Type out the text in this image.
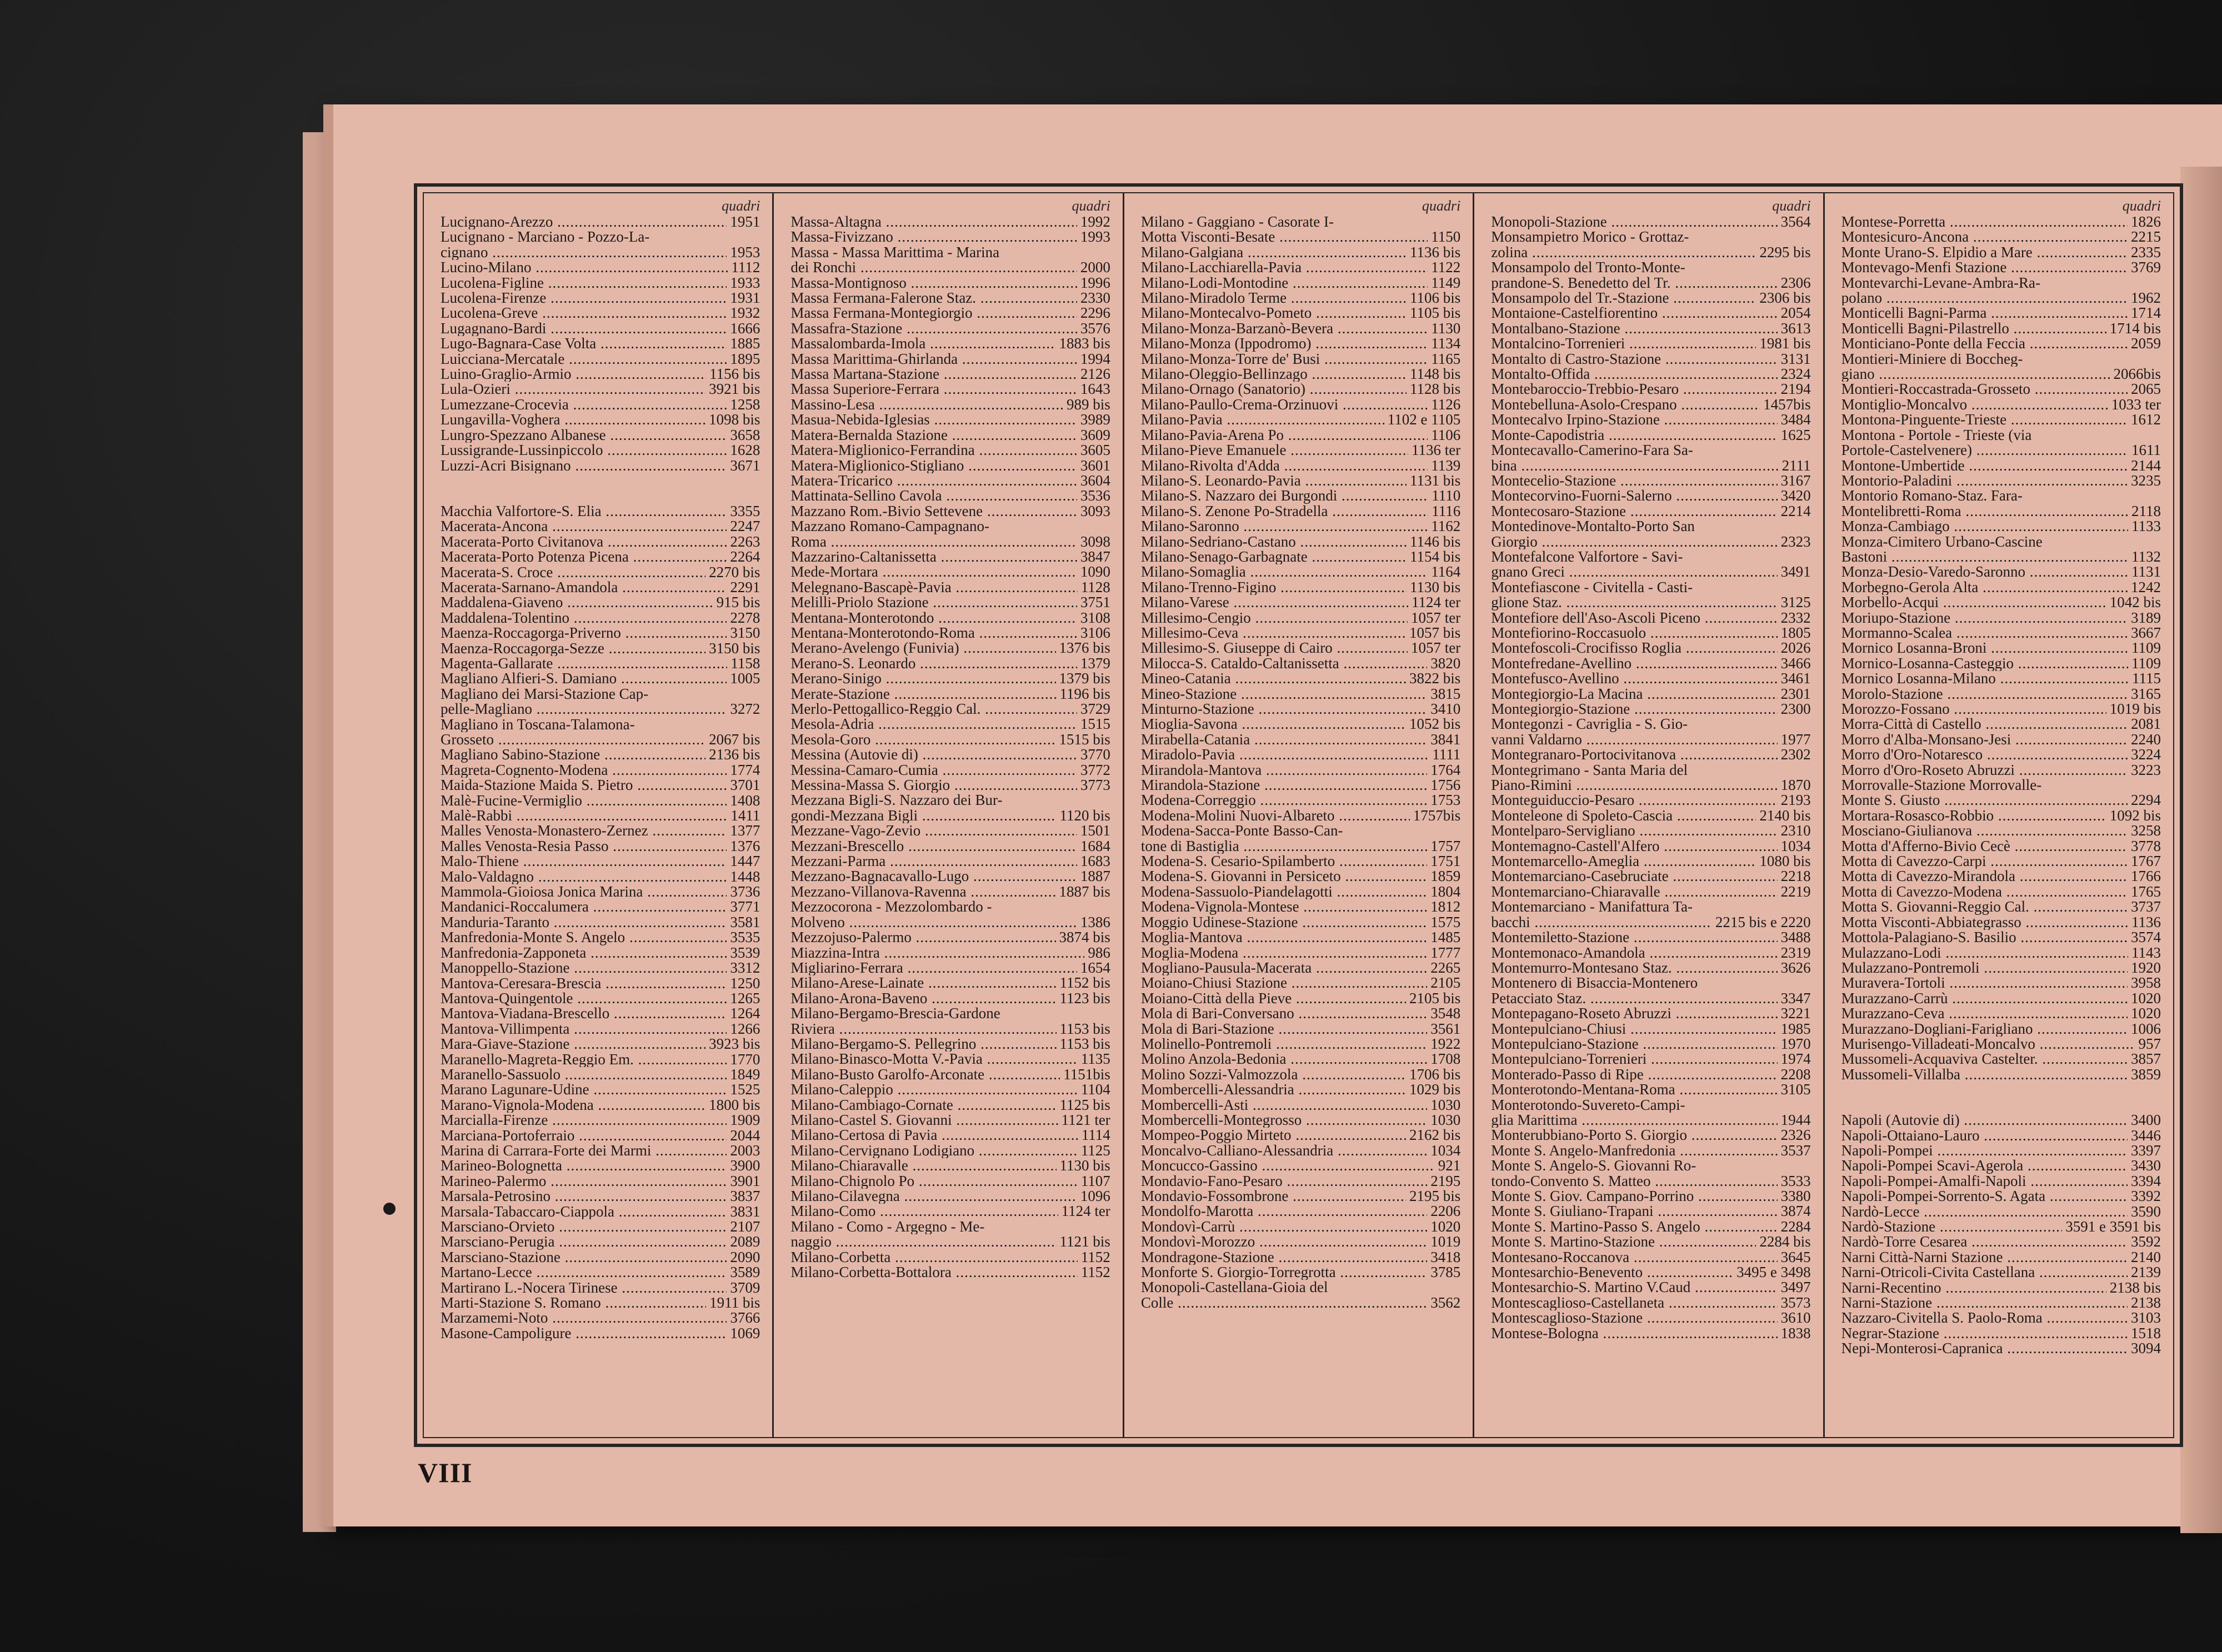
quadri
Lucignano-Arezzo .....	1951
Lucignano - Marciano - Pozzo-La-
cignano .....	1953
Lucino-Milano .....	1112
Lucolena-Figline .....	1933
Lucolena-Firenze .....	1931
Lucolena-Greve .....	1932
Lugagnano-Bardi .....	1666
Lugo-Bagnara-Case Volta .....	1885
Luicciana-Mercatale .....	1895
Luino-Graglio-Armio .....	1156 bis
Lula-Ozieri .....	3921 bis
Lumezzane-Croceviа .....	1258
Lungavilla-Voghera .....	1098 bis
Lungro-Spezzano Albanese .....	3658
Lussigrande-Lussinpiccolo .....	1628
Luzzi-Acri Bisignano .....	3671
Macchia Valfortore-S. Elia .....	3355
Macerata-Ancona .....	2247
Macerata-Porto Civitanova .....	2263
Macerata-Porto Potenza Picena .....	2264
Macerata-S. Croce .....	2270 bis
Macerata-Sarnano-Amandola .....	2291
Maddalena-Giaveno .....	915 bis
Maddalena-Tolentino .....	2278
Maenza-Roccagorga-Priverno .....	3150
Maenza-Roccagorga-Sezze .....	3150 bis
Magenta-Gallarate .....	1158
Magliano Alfieri-S. Damiano .....	1005
Magliano dei Marsi-Stazione Cap-
pelle-Magliano .....	3272
Magliano in Toscana-Talamona-
Grosseto .....	2067 bis
Magliano Sabino-Stazione .....	2136 bis
Magreta-Cognento-Modena .....	1774
Maida-Stazione Maida S. Pietro .....	3701
Malè-Fucine-Vermiglio .....	1408
Malè-Rabbi .....	1411
Malles Venosta-Monastero-Zernez .....	1377
Malles Venosta-Resia Passo .....	1376
Malo-Thiene .....	1447
Malo-Valdagno .....	1448
Mammola-Gioiosa Jonica Marina .....	3736
Mandanici-Roccalumera .....	3771
Manduria-Taranto .....	3581
Manfredonia-Monte S. Angelo .....	3535
Manfredonia-Zapponeta .....	3539
Manoppello-Stazione .....	3312
Mantova-Ceresara-Brescia .....	1250
Mantova-Quingentole .....	1265
Mantova-Viadana-Brescello .....	1264
Mantova-Villimpenta .....	1266
Mara-Giave-Stazione .....	3923 bis
Maranello-Magreta-Reggio Em. .....	1770
Maranello-Sassuolo .....	1849
Marano Lagunare-Udine .....	1525
Marano-Vignola-Modena .....	1800 bis
Marcialla-Firenze .....	1909
Marciana-Portoferraio .....	2044
Marina di Carrara-Forte dei Marmi .....	2003
Marineo-Bolognetta .....	3900
Marineo-Palermo .....	3901
Marsala-Petrosino .....	3837
Marsala-Tabaccaro-Ciappola .....	3831
Marsciano-Orvieto .....	2107
Marsciano-Perugia .....	2089
Marsciano-Stazione .....	2090
Martano-Lecce .....	3589
Martirano L.-Nocera Tirinese .....	3709
Marti-Stazione S. Romano .....	1911 bis
Marzamemi-Noto .....	3766
Masone-Campoligure .....	1069
quadri
Massa-Altagna .....	1992
Massa-Fivizzano .....	1993
Massa - Massa Marittima - Marina
dei Ronchi .....	2000
Massa-Montignoso .....	1996
Massa Fermana-Falerone Staz. .....	2330
Massa Fermana-Montegiorgio .....	2296
Massafra-Stazione .....	3576
Massalombarda-Imola .....	1883 bis
Massa Marittima-Ghirlanda .....	1994
Massa Martana-Stazione .....	2126
Massa Superiore-Ferrara .....	1643
Massino-Lesa .....	989 bis
Masua-Nebida-Iglesias .....	3989
Matera-Bernalda Stazione .....	3609
Matera-Miglionico-Ferrandina .....	3605
Matera-Miglionico-Stigliano .....	3601
Matera-Tricarico .....	3604
Mattinata-Sellino Cavola .....	3536
Mazzano Rom.-Bivio Settevene .....	3093
Mazzano Romano-Campagnano-
Roma .....	3098
Mazzarino-Caltanissetta .....	3847
Mede-Mortara .....	1090
Melegnano-Bascapè-Pavia .....	1128
Melilli-Priolo Stazione .....	3751
Mentana-Monterotondo .....	3108
Mentana-Monterotondo-Roma .....	3106
Merano-Avelengo (Funivia) .....	1376 bis
Merano-S. Leonardo .....	1379
Merano-Sinigo .....	1379 bis
Merate-Stazione .....	1196 bis
Merlo-Pettogallico-Reggio Cal. .....	3729
Mesola-Adria .....	1515
Mesola-Goro .....	1515 bis
Messina (Autovie di) .....	3770
Messina-Camaro-Cumia .....	3772
Messina-Massa S. Giorgio .....	3773
Mezzana Bigli-S. Nazzaro dei Bur-
gondi-Mezzana Bigli .....	1120 bis
Mezzane-Vago-Zevio .....	1501
Mezzani-Brescello .....	1684
Mezzani-Parma .....	1683
Mezzano-Bagnacavallo-Lugo .....	1887
Mezzano-Villanova-Ravenna .....	1887 bis
Mezzocorona - Mezzolombardo -
Molveno .....	1386
Mezzojuso-Palermo .....	3874 bis
Miazzina-Intra .....	986
Migliarino-Ferrara .....	1654
Milano-Arese-Lainate .....	1152 bis
Milano-Arona-Baveno .....	1123 bis
Milano-Bergamo-Brescia-Gardone
Riviera .....	1153 bis
Milano-Bergamo-S. Pellegrino .....	1153 bis
Milano-Binasco-Motta V.-Pavia .....	1135
Milano-Busto Garolfo-Arconate .....	1151bis
Milano-Caleppio .....	1104
Milano-Cambiago-Cornate .....	1125 bis
Milano-Castel S. Giovanni .....	1121 ter
Milano-Certosa di Pavia .....	1114
Milano-Cervignano Lodigiano .....	1125
Milano-Chiaravalle .....	1130 bis
Milano-Chignolo Po .....	1107
Milano-Cilavegna .....	1096
Milano-Como .....	1124 ter
Milano - Como - Argegno - Me-
naggio .....	1121 bis
Milano-Corbetta .....	1152
Milano-Corbetta-Bottalora .....	1152
quadri
Milano - Gaggiano - Casorate I-
Motta Visconti-Besate .....	1150
Milano-Galgiana .....	1136 bis
Milano-Lacchiarella-Pavia .....	1122
Milano-Lodi-Montodine .....	1149
Milano-Miradolo Terme .....	1106 bis
Milano-Montecalvo-Pometo .....	1105 bis
Milano-Monza-Barzanò-Bevera .....	1130
Milano-Monza (Ippodromo) .....	1134
Milano-Monza-Torre de' Busi .....	1165
Milano-Oleggio-Bellinzago .....	1148 bis
Milano-Ornago (Sanatorio) .....	1128 bis
Milano-Paullo-Crema-Orzinuovi .....	1126
Milano-Pavia .....	1102 e 1105
Milano-Pavia-Arena Po .....	1106
Milano-Pieve Emanuele .....	1136 ter
Milano-Rivolta d'Adda .....	1139
Milano-S. Leonardo-Pavia .....	1131 bis
Milano-S. Nazzaro dei Burgondi .....	1110
Milano-S. Zenone Po-Stradella .....	1116
Milano-Saronno .....	1162
Milano-Sedriano-Castano .....	1146 bis
Milano-Senago-Garbagnate .....	1154 bis
Milano-Somaglia .....	1164
Milano-Trenno-Figino .....	1130 bis
Milano-Varese .....	1124 ter
Millesimo-Cengio .....	1057 ter
Millesimo-Ceva .....	1057 bis
Millesimo-S. Giuseppe di Cairo .....	1057 ter
Milocca-S. Cataldo-Caltanissetta .....	3820
Mineo-Catania .....	3822 bis
Mineo-Stazione .....	3815
Minturno-Stazione .....	3410
Mioglia-Savona .....	1052 bis
Mirabella-Catania .....	3841
Miradolo-Pavia .....	1111
Mirandola-Mantova .....	1764
Mirandola-Stazione .....	1756
Modena-Correggio .....	1753
Modena-Molini Nuovi-Albareto .....	1757bis
Modena-Sacca-Ponte Basso-Can-
tone di Bastiglia .....	1757
Modena-S. Cesario-Spilamberto .....	1751
Modena-S. Giovanni in Persiceto .....	1859
Modena-Sassuolo-Piandelagotti .....	1804
Modena-Vignola-Montese .....	1812
Moggio Udinese-Stazione .....	1575
Moglia-Mantova .....	1485
Moglia-Modena .....	1777
Mogliano-Pausula-Macerata .....	2265
Moiano-Chiusi Stazione .....	2105
Moiano-Città della Pieve .....	2105 bis
Mola di Bari-Conversano .....	3548
Mola di Bari-Stazione .....	3561
Molinello-Pontremoli .....	1922
Molino Anzola-Bedonia .....	1708
Molino Sozzi-Valmozzola .....	1706 bis
Mombercelli-Alessandria .....	1029 bis
Mombercelli-Asti .....	1030
Mombercelli-Montegrosso .....	1030
Mompeo-Poggio Mirteto .....	2162 bis
Moncalvo-Calliano-Alessandria .....	1034
Moncucco-Gassino .....	921
Mondavio-Fano-Pesaro .....	2195
Mondavio-Fossombrone .....	2195 bis
Mondolfo-Marotta .....	2206
Mondovì-Carrù .....	1020
Mondovì-Morozzo .....	1019
Mondragone-Stazione .....	3418
Monforte S. Giorgio-Torregrotta .....	3785
Monopoli-Castellana-Gioia del
Colle .....	3562
quadri
Monopoli-Stazione .....	3564
Monsampietro Morico - Grottaz-
zolina .....	2295 bis
Monsampolo del Tronto-Monte-
prandone-S. Benedetto del Tr. .....	2306
Monsampolo del Tr.-Stazione .....	2306 bis
Montaione-Castelfiorentino .....	2054
Montalbano-Stazione .....	3613
Montalcino-Torrenieri .....	1981 bis
Montalto di Castro-Stazione .....	3131
Montalto-Offida .....	2324
Montebaroccio-Trebbio-Pesaro .....	2194
Montebelluna-Asolo-Crespano .....	1457bis
Montecalvo Irpino-Stazione .....	3484
Monte-Capodistria .....	1625
Montecavallo-Camerino-Fara Sa-
bina .....	2111
Montecelio-Stazione .....	3167
Montecorvino-Fuorni-Salerno .....	3420
Montecosaro-Stazione .....	2214
Montedinove-Montalto-Porto San
Giorgio .....	2323
Montefalcone Valfortore - Savi-
gnano Greci .....	3491
Montefiascone - Civitella - Casti-
glione Staz. .....	3125
Montefiore dell'Aso-Ascoli Piceno .....	2332
Montefiorino-Roccasuolo .....	1805
Montefoscoli-Crocifisso Roglia .....	2026
Montefredane-Avellino .....	3466
Montefusco-Avellino .....	3461
Montegiorgio-La Macina .....	2301
Montegiorgio-Stazione .....	2300
Montegonzi - Cavriglia - S. Gio-
vanni Valdarno .....	1977
Montegranaro-Portocivitanova .....	2302
Montegrimano - Santa Maria del
Piano-Rimini .....	1870
Monteguiduccio-Pesaro .....	2193
Monteleone di Spoleto-Cascia .....	2140 bis
Montelparo-Servigliano .....	2310
Montemagno-Castell'Alfero .....	1034
Montemarcello-Ameglia .....	1080 bis
Montemarciano-Casebruciate .....	2218
Montemarciano-Chiaravalle .....	2219
Montemarciano - Manifattura Ta-
bacchi .....	2215 bis e 2220
Montemiletto-Stazione .....	3488
Montemonaco-Amandola .....	2319
Montemurro-Montesano Staz. .....	3626
Montenero di Bisaccia-Montenero
Petacciato Staz. .....	3347
Montepagano-Roseto Abruzzi .....	3221
Montepulciano-Chiusi .....	1985
Montepulciano-Stazione .....	1970
Montepulciano-Torrenieri .....	1974
Monterado-Passo di Ripe .....	2208
Monterotondo-Mentana-Roma .....	3105
Monterotondo-Suvereto-Campi-
glia Marittima .....	1944
Monterubbiano-Porto S. Giorgio .....	2326
Monte S. Angelo-Manfredonia .....	3537
Monte S. Angelo-S. Giovanni Ro-
tondo-Convento S. Matteo .....	3533
Monte S. Giov. Campano-Porrino .....	3380
Monte S. Giuliano-Trapani .....	3874
Monte S. Martino-Passo S. Angelo .....	2284
Monte S. Martino-Stazione .....	2284 bis
Montesano-Roccanova .....	3645
Montesarchio-Benevento .....	3495 e 3498
Montesarchio-S. Martino V.Caud .....	3497
Montescaglioso-Castellaneta .....	3573
Montescaglioso-Stazione .....	3610
Montese-Bologna .....	1838
quadri
Montese-Porretta .....	1826
Montesicuro-Ancona .....	2215
Monte Urano-S. Elpidio a Mare .....	2335
Montevago-Menfi Stazione .....	3769
Montevarchi-Levane-Ambra-Ra-
polano .....	1962
Monticelli Bagni-Parma .....	1714
Monticelli Bagni-Pilastrello .....	1714 bis
Monticiano-Ponte della Feccia .....	2059
Montieri-Miniere di Boccheg-
giano .....	2066bis
Montieri-Roccastrada-Grosseto .....	2065
Montiglio-Moncalvo .....	1033 ter
Montona-Pinguente-Trieste .....	1612
Montona - Portole - Trieste (via
Portole-Castelvenere) .....	1611
Montone-Umbertide .....	2144
Montorio-Paladini .....	3235
Montorio Romano-Staz. Fara-
Montelibretti-Roma .....	2118
Monza-Cambiago .....	1133
Monza-Cimitero Urbano-Cascine
Bastoni .....	1132
Monza-Desio-Varedo-Saronno .....	1131
Morbegno-Gerola Alta .....	1242
Morbello-Acqui .....	1042 bis
Moriupo-Stazione .....	3189
Mormanno-Scalea .....	3667
Mornico Losanna-Broni .....	1109
Mornico-Losanna-Casteggio .....	1109
Mornico Losanna-Milano .....	1115
Morolo-Stazione .....	3165
Morozzo-Fossano .....	1019 bis
Morra-Città di Castello .....	2081
Morro d'Alba-Monsano-Jesi .....	2240
Morro d'Oro-Notaresco .....	3224
Morro d'Oro-Roseto Abruzzi .....	3223
Morrovalle-Stazione Morrovalle-
Monte S. Giusto .....	2294
Mortara-Rosasco-Robbio .....	1092 bis
Mosciano-Giulianova .....	3258
Motta d'Afferno-Bivio Cecè .....	3778
Motta di Cavezzo-Carpi .....	1767
Motta di Cavezzo-Mirandola .....	1766
Motta di Cavezzo-Modena .....	1765
Motta S. Giovanni-Reggio Cal. .....	3737
Motta Visconti-Abbiategrasso .....	1136
Mottola-Palagiano-S. Basilio .....	3574
Mulazzano-Lodi .....	1143
Mulazzano-Pontremoli .....	1920
Muravera-Tortoli .....	3958
Murazzano-Carrù .....	1020
Murazzano-Ceva .....	1020
Murazzano-Dogliani-Farigliano .....	1006
Murisengo-Villadeati-Moncalvo .....	957
Mussomeli-Acquaviva Castelter. .....	3857
Mussomeli-Villalba .....	3859
Napoli (Autovie di) .....	3400
Napoli-Ottaiano-Lauro .....	3446
Napoli-Pompei .....	3397
Napoli-Pompei Scavi-Agerola .....	3430
Napoli-Pompei-Amalfi-Napoli .....	3394
Napoli-Pompei-Sorrento-S. Agata .....	3392
Nardò-Lecce .....	3590
Nardò-Stazione .....	3591 e 3591 bis
Nardò-Torre Cesarea .....	3592
Narni Città-Narni Stazione .....	2140
Narni-Otricoli-Civita Castellana .....	2139
Narni-Recentino .....	2138 bis
Narni-Stazione .....	2138
Nazzaro-Civitella S. Paolo-Roma .....	3103
Negrar-Stazione .....	1518
Nepi-Monterosi-Capranica .....	3094
VIII
